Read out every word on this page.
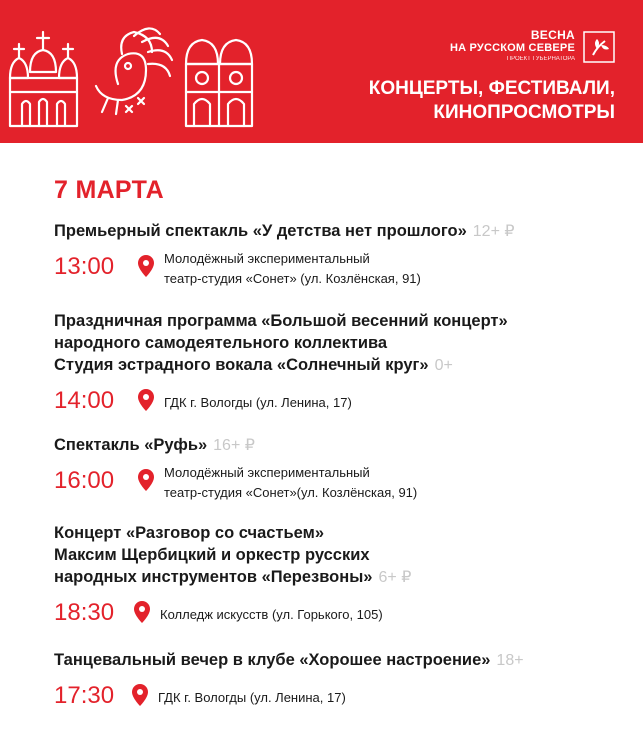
ВЕСНА
НА РУССКОМ СЕВЕРЕ
ПРОЕКТ ГУБЕРНАТОРА
КОНЦЕРТЫ, ФЕСТИВАЛИ,
КИНОПРОСМОТРЫ
7 МАРТА
Премьерный спектакль «У детства нет прошлого» 12+ ₽
13:00	Молодёжный экспериментальный
театр-студия «Сонет» (ул. Козлёнская, 91)
Праздничная программа «Большой весенний концерт»
народного самодеятельного коллектива
Студия эстрадного вокала «Солнечный круг» 0+
14:00	ГДК г. Вологды (ул. Ленина, 17)
Спектакль «Руфь» 16+ ₽
16:00	Молодёжный экспериментальный
театр-студия «Сонет»(ул. Козлёнская, 91)
Концерт «Разговор со счастьем»
Максим Щербицкий и оркестр русских
народных инструментов «Перезвоны» 6+ ₽
18:30	Колледж искусств (ул. Горького, 105)
Танцевальный вечер в клубе «Хорошее настроение» 18+
17:30	ГДК г. Вологды (ул. Ленина, 17)
